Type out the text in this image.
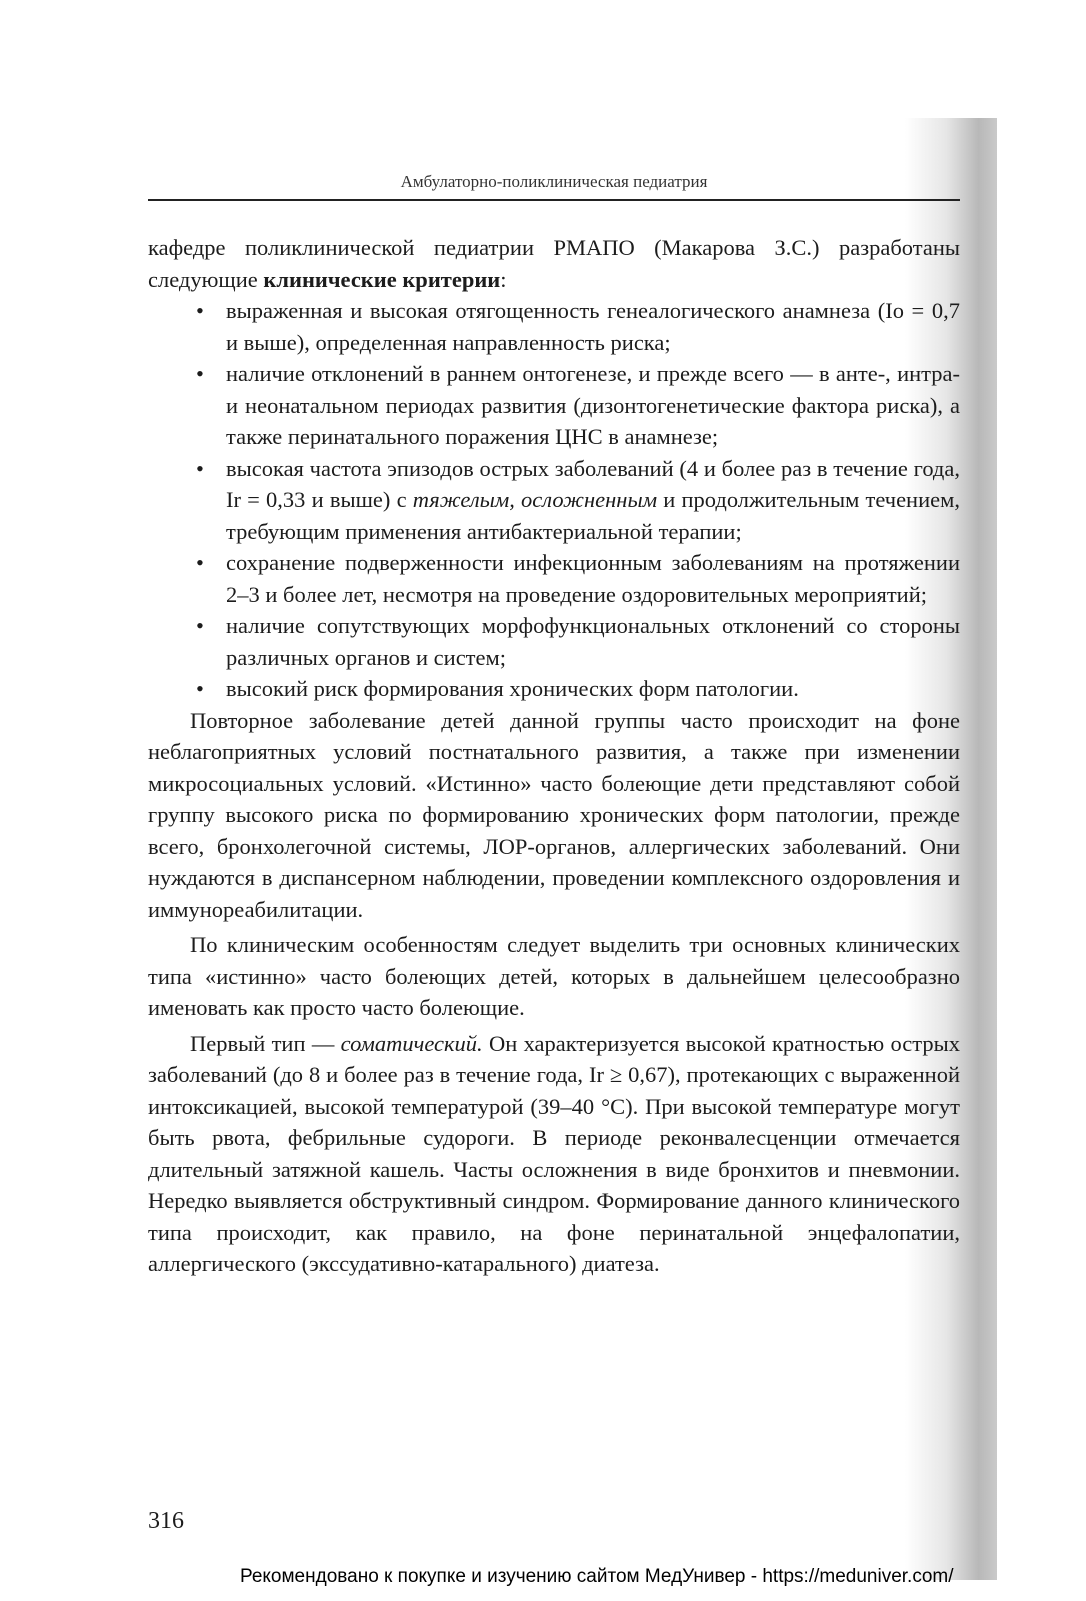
Амбулаторно-поликлиническая педиатрия

кафедре поликлинической педиатрии РМАПО (Макарова З.С.) разработаны следующие клинические критерии:

• выраженная и высокая отягощенность генеалогического анамнеза (Io = 0,7 и выше), определенная направленность риска;
• наличие отклонений в раннем онтогенезе, и прежде всего — в анте-, интра- и неонатальном периодах развития (дизонтогенетические фактора риска), а также перинатального поражения ЦНС в анамнезе;
• высокая частота эпизодов острых заболеваний (4 и более раз в течение года, Ir = 0,33 и выше) с тяжелым, осложненным и продолжительным течением, требующим применения антибактериальной терапии;
• сохранение подверженности инфекционным заболеваниям на протяжении 2–3 и более лет, несмотря на проведение оздоровительных мероприятий;
• наличие сопутствующих морфофункциональных отклонений со стороны различных органов и систем;
• высокий риск формирования хронических форм патологии.

Повторное заболевание детей данной группы часто происходит на фоне неблагоприятных условий постнатального развития, а также при изменении микросоциальных условий. «Истинно» часто болеющие дети представляют собой группу высокого риска по формированию хронических форм патологии, прежде всего, бронхолегочной системы, ЛОР-органов, аллергических заболеваний. Они нуждаются в диспансерном наблюдении, проведении комплексного оздоровления и иммунореабилитации.

По клиническим особенностям следует выделить три основных клинических типа «истинно» часто болеющих детей, которых в дальнейшем целесообразно именовать как просто часто болеющие.

Первый тип — соматический. Он характеризуется высокой кратностью острых заболеваний (до 8 и более раз в течение года, Ir ≥ 0,67), протекающих с выраженной интоксикацией, высокой температурой (39–40 °С). При высокой температуре могут быть рвота, фебрильные судороги. В периоде реконвалесценции отмечается длительный затяжной кашель. Часты осложнения в виде бронхитов и пневмонии. Нередко выявляется обструктивный синдром. Формирование данного клинического типа происходит, как правило, на фоне перинатальной энцефалопатии, аллергического (экссудативно-катарального) диатеза.

316
Рекомендовано к покупке и изучению сайтом МедУнивер - https://meduniver.com/
